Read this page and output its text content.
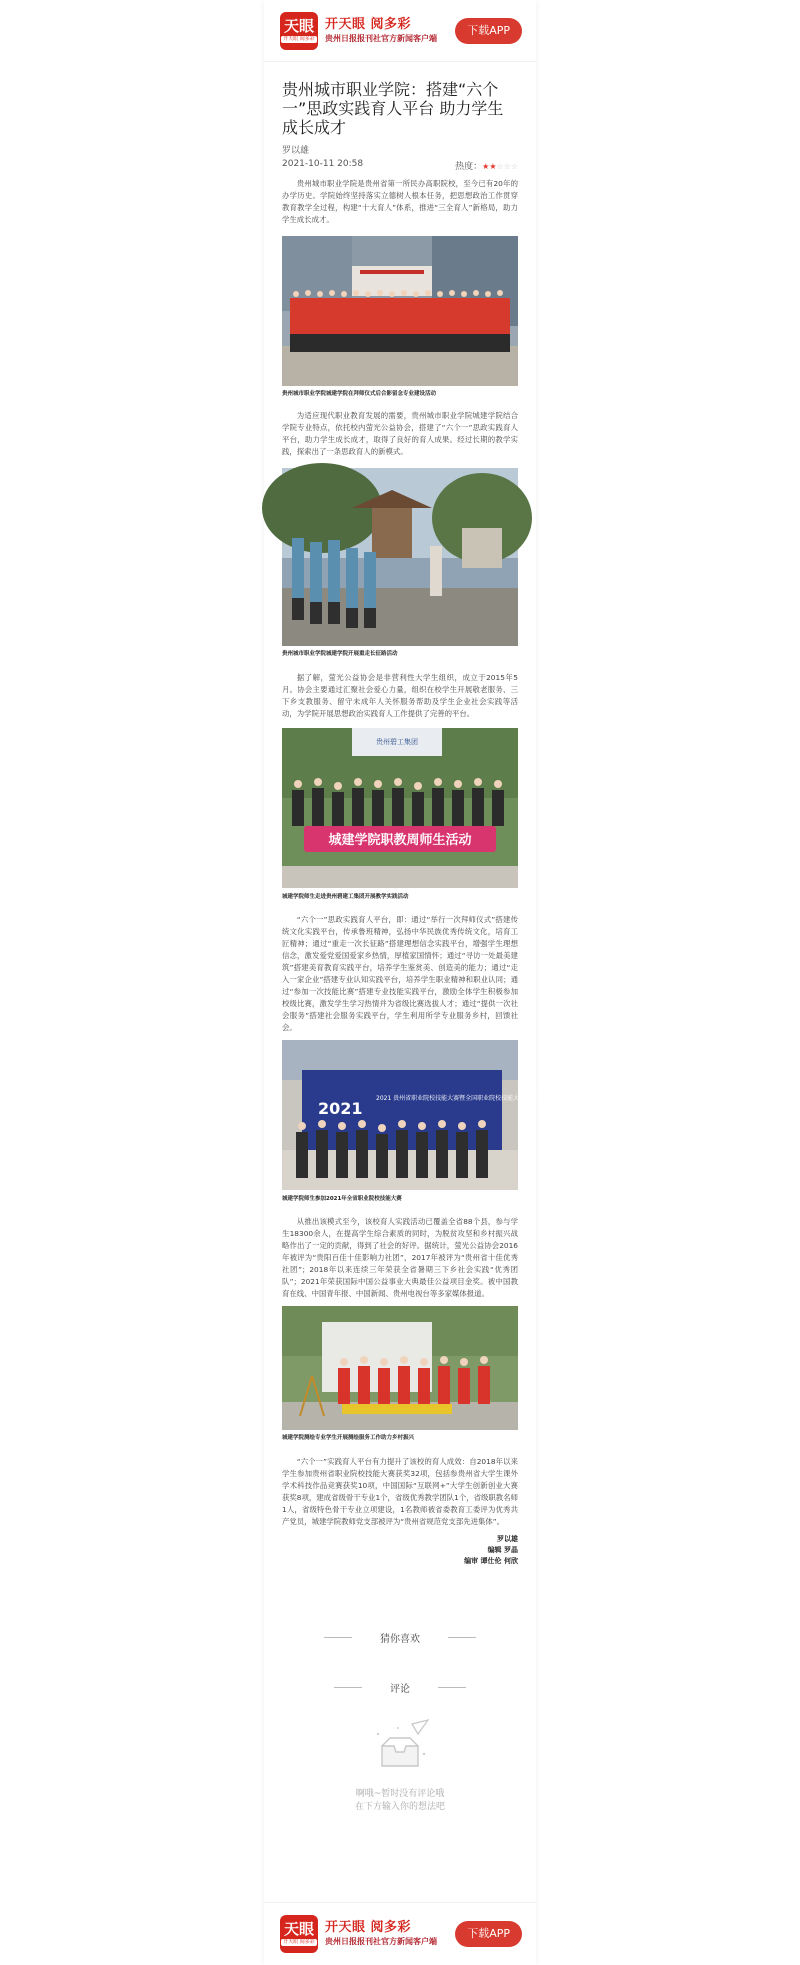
天眼
开天眼 阅多彩
开天眼 阅多彩
贵州日报报刊社官方新闻客户端
下载APP
贵州城市职业学院：搭建“六个一”思政实践育人平台 助力学生成长成才
罗以雄
2021-10-11 20:58	热度：★★☆☆☆

贵州城市职业学院是贵州省第一所民办高职院校，至今已有20年的办学历史。学院始终坚持落实立德树人根本任务，把思想政治工作贯穿教育教学全过程，构建“十大育人”体系，推进“三全育人”新格局，助力学生成长成才。

贵州城市职业学院城建学院在拜师仪式后合影留念专业建设活动

为适应现代职业教育发展的需要，贵州城市职业学院城建学院结合学院专业特点，依托校内萤光公益协会，搭建了“六个一”思政实践育人平台，助力学生成长成才，取得了良好的育人成果。经过长期的教学实践，探索出了一条思政育人的新模式。

贵州城市职业学院城建学院开展重走长征路活动

据了解，萤光公益协会是非营利性大学生组织，成立于2015年5月。协会主要通过汇聚社会爱心力量，组织在校学生开展敬老服务、三下乡支教服务、留守未成年人关怀服务帮助及学生企业社会实践等活动，为学院开展思想政治实践育人工作提供了完善的平台。

城建学院职教周师生活动
贵州碧工集团
城建学院师生走进贵州碧建工集团开展教学实践活动

“六个一”思政实践育人平台，即：通过“举行一次拜师仪式”搭建传统文化实践平台，传承鲁班精神，弘扬中华民族优秀传统文化，培育工匠精神；通过“重走一次长征路”搭建理想信念实践平台，增强学生理想信念，激发爱党爱国爱家乡热情，厚植家国情怀；通过“寻访一处最美建筑”搭建美育教育实践平台，培养学生鉴赏美、创造美的能力；通过“走入一家企业”搭建专业认知实践平台，培养学生职业精神和职业认同；通过“参加一次技能比赛”搭建专业技能实践平台，激励全体学生积极参加校级比赛，激发学生学习热情并为省级比赛选拔人才；通过“提供一次社会服务”搭建社会服务实践平台，学生利用所学专业服务乡村，回馈社会。

2021
2021 贵州省职业院校技能大赛暨全国职业院校技能大赛选拔赛
城建学院师生参加2021年全省职业院校技能大赛

从推出该模式至今，该校育人实践活动已覆盖全省88个县，参与学生18300余人，在提高学生综合素质的同时，为脱贫攻坚和乡村振兴战略作出了一定的贡献，得到了社会的好评。据统计，萤光公益协会2016年被评为“贵阳百佳十佳影响力社团”，2017年被评为“贵州省十佳优秀社团”；2018年以来连续三年荣获全省暑期三下乡社会实践“优秀团队”；2021年荣获国际中国公益事业大典最佳公益项目金奖。被中国教育在线、中国青年报、中国新闻、贵州电视台等多家媒体报道。

城建学院测绘专业学生开展测绘服务工作助力乡村振兴

“六个一”实践育人平台有力提升了该校的育人成效：自2018年以来学生参加贵州省职业院校技能大赛获奖32项，包括参贵州省大学生课外学术科技作品竞赛获奖10项，中国国际“互联网+”大学生创新创业大赛获奖8项，建成省级骨干专业1个，省级优秀教学团队1个，省级职教名师1人，省级特色骨干专业立项建设，1名教师被省委教育工委评为优秀共产党员，城建学院教师党支部被评为“贵州省规范党支部先进集体”。

罗以雄
编辑 罗晶
编审 谭仕伦 何欣
猜你喜欢
评论
啊哦~暂时没有评论哦
在下方输入你的想法吧
天眼
开天眼 阅多彩
开天眼 阅多彩
贵州日报报刊社官方新闻客户端
下载APP
